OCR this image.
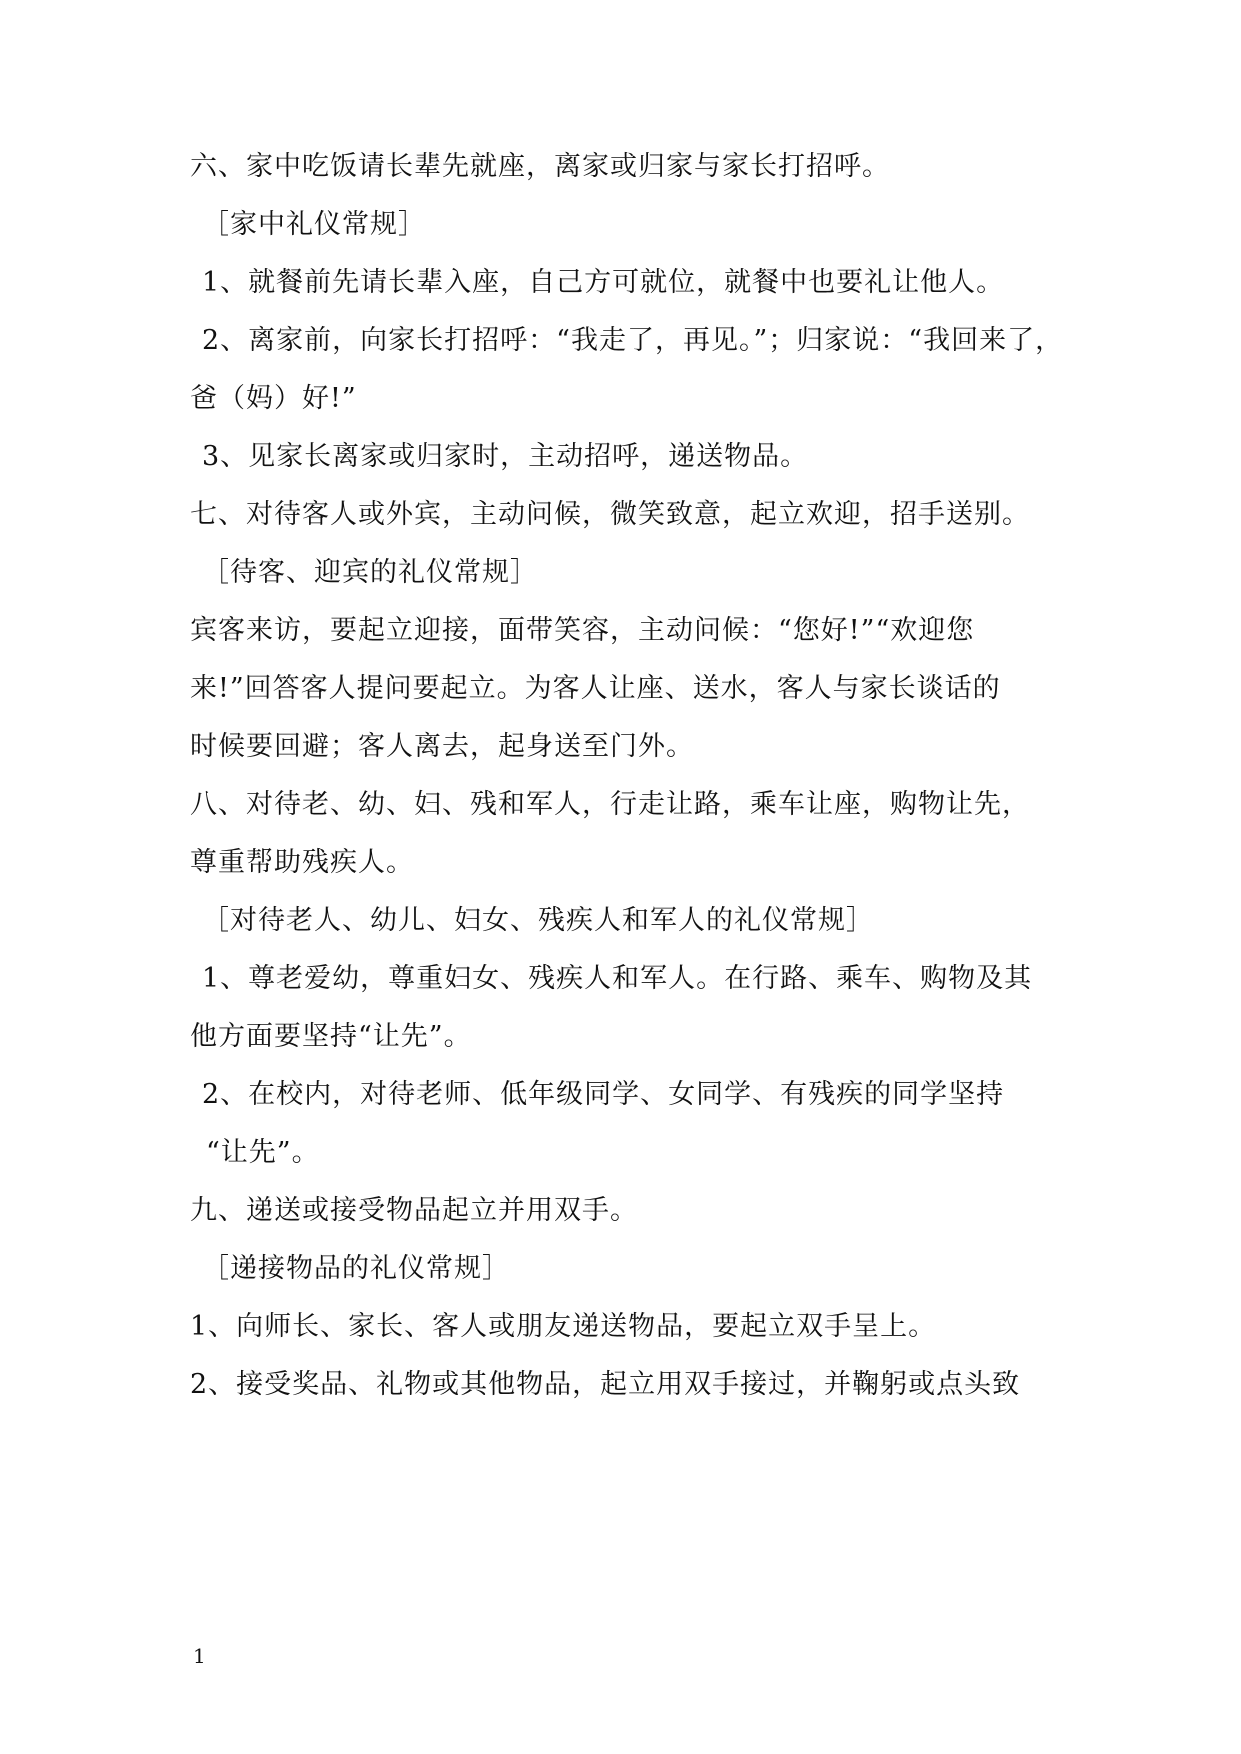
六、家中吃饭请长辈先就座，离家或归家与家长打招呼。
［家中礼仪常规］
1、就餐前先请长辈入座，自己方可就位，就餐中也要礼让他人。
2、离家前，向家长打招呼：“我走了，再见。”；归家说：“我回来了，
爸（妈）好!”
3、见家长离家或归家时，主动招呼，递送物品。
七、对待客人或外宾，主动问候，微笑致意，起立欢迎，招手送别。
［待客、迎宾的礼仪常规］
宾客来访，要起立迎接，面带笑容，主动问候：“您好!”“欢迎您
来!”回答客人提问要起立。为客人让座、送水，客人与家长谈话的
时候要回避；客人离去，起身送至门外。
八、对待老、幼、妇、残和军人，行走让路，乘车让座，购物让先，
尊重帮助残疾人。
［对待老人、幼儿、妇女、残疾人和军人的礼仪常规］
1、尊老爱幼，尊重妇女、残疾人和军人。在行路、乘车、购物及其
他方面要坚持“让先”。
2、在校内，对待老师、低年级同学、女同学、有残疾的同学坚持
“让先”。
九、递送或接受物品起立并用双手。
［递接物品的礼仪常规］
1、向师长、家长、客人或朋友递送物品，要起立双手呈上。
2、接受奖品、礼物或其他物品，起立用双手接过，并鞠躬或点头致
1
